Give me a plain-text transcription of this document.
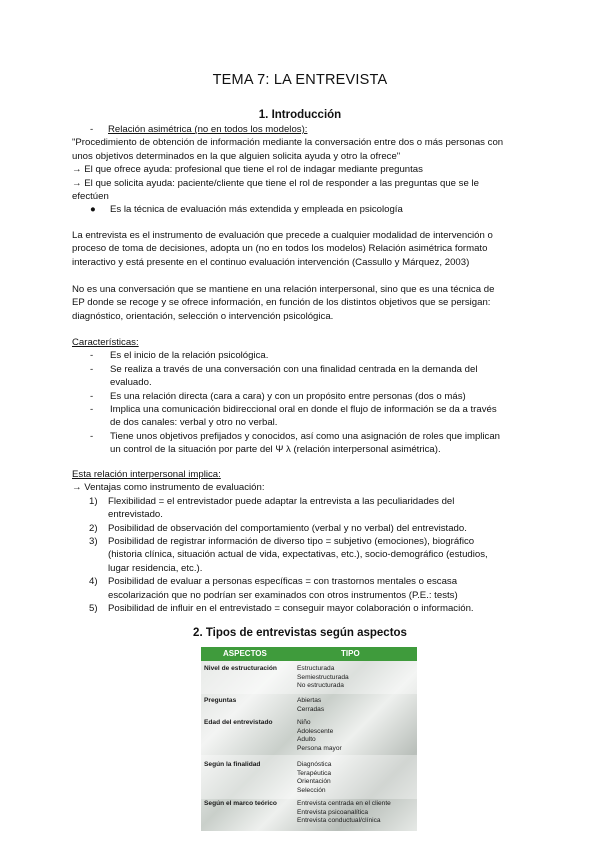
TEMA 7: LA ENTREVISTA
1. Introducción
- Relación asimétrica (no en todos los modelos):
"Procedimiento de obtención de información mediante la conversación entre dos o más personas con
unos objetivos determinados en la que alguien solicita ayuda y otro la ofrece"
→ El que ofrece ayuda: profesional que tiene el rol de indagar mediante preguntas
→ El que solicita ayuda: paciente/cliente que tiene el rol de responder a las preguntas que se le
efectúen
● Es la técnica de evaluación más extendida y empleada en psicología
La entrevista es el instrumento de evaluación que precede a cualquier modalidad de intervención o
proceso de toma de decisiones, adopta un (no en todos los modelos) Relación asimétrica formato
interactivo y está presente en el continuo evaluación intervención (Cassullo y Márquez, 2003)
No es una conversación que se mantiene en una relación interpersonal, sino que es una técnica de
EP donde se recoge y se ofrece información, en función de los distintos objetivos que se persigan:
diagnóstico, orientación, selección o intervención psicológica.
Características:
- Es el inicio de la relación psicológica.
- Se realiza a través de una conversación con una finalidad centrada en la demanda del
evaluado.
- Es una relación directa (cara a cara) y con un propósito entre personas (dos o más)
- Implica una comunicación bidireccional oral en donde el flujo de información se da a través
de dos canales: verbal y otro no verbal.
- Tiene unos objetivos prefijados y conocidos, así como una asignación de roles que implican
un control de la situación por parte del Ψ λ (relación interpersonal asimétrica).
Esta relación interpersonal implica:
→ Ventajas como instrumento de evaluación:
1) Flexibilidad = el entrevistador puede adaptar la entrevista a las peculiaridades del
entrevistado.
2) Posibilidad de observación del comportamiento (verbal y no verbal) del entrevistado.
3) Posibilidad de registrar información de diverso tipo = subjetivo (emociones), biográfico
(historia clínica, situación actual de vida, expectativas, etc.), socio-demográfico (estudios,
lugar residencia, etc.).
4) Posibilidad de evaluar a personas específicas = con trastornos mentales o escasa
escolarización que no podrían ser examinados con otros instrumentos (P.E.: tests)
5) Posibilidad de influir en el entrevistado = conseguir mayor colaboración o información.
2. Tipos de entrevistas según aspectos
ASPECTOS	TIPO
Nivel de estructuración	Estructurada
Semiestructurada
No estructurada
Preguntas	Abiertas
Cerradas
Edad del entrevistado	Niño
Adolescente
Adulto
Persona mayor
Según la finalidad	Diagnóstica
Terapéutica
Orientación
Selección
Según el marco teórico	Entrevista centrada en el cliente
Entrevista psicoanalítica
Entrevista conductual/clínica
